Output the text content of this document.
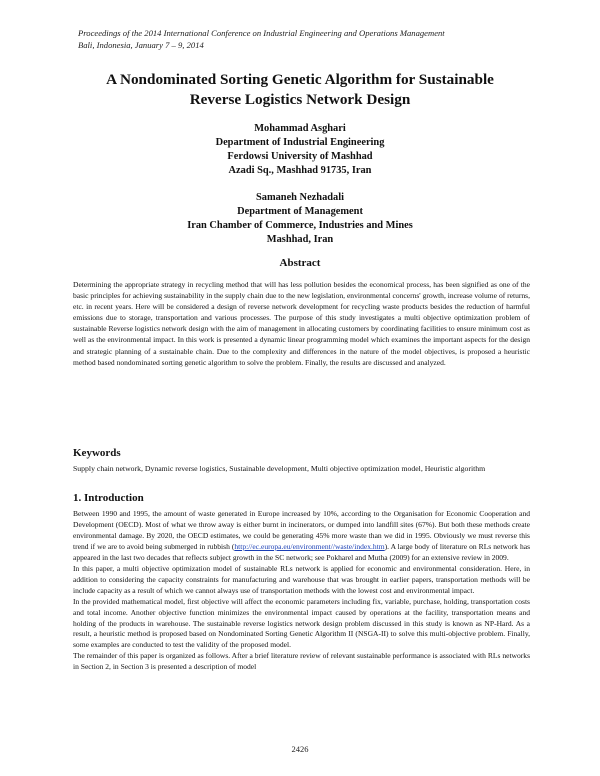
Proceedings of the 2014 International Conference on Industrial Engineering and Operations Management
Bali, Indonesia, January 7 – 9, 2014
A Nondominated Sorting Genetic Algorithm for Sustainable
Reverse Logistics Network Design
Mohammad Asghari
Department of Industrial Engineering
Ferdowsi University of Mashhad
Azadi Sq., Mashhad 91735, Iran
Samaneh Nezhadali
Department of Management
Iran Chamber of Commerce, Industries and Mines
Mashhad, Iran
Abstract
Determining the appropriate strategy in recycling method that will has less pollution besides the economical process, has been signified as one of the basic principles for achieving sustainability in the supply chain due to the new legislation, environmental concerns' growth, increase volume of returns, etc. in recent years. Here will be considered a design of reverse network development for recycling waste products besides the reduction of harmful emissions due to storage, transportation and various processes. The purpose of this study investigates a multi objective optimization problem of sustainable Reverse logistics network design with the aim of management in allocating customers by coordinating facilities to ensure minimum cost as well as the environmental impact. In this work is presented a dynamic linear programming model which examines the important aspects for the design and strategic planning of a sustainable chain. Due to the complexity and differences in the nature of the model objectives, is proposed a heuristic method based nondominated sorting genetic algorithm to solve the problem. Finally, the results are discussed and analyzed.
Keywords
Supply chain network, Dynamic reverse logistics, Sustainable development, Multi objective optimization model, Heuristic algorithm
1. Introduction

Between 1990 and 1995, the amount of waste generated in Europe increased by 10%, according to the Organisation for Economic Cooperation and Development (OECD). Most of what we throw away is either burnt in incinerators, or dumped into landfill sites (67%). But both these methods create environmental damage. By 2020, the OECD estimates, we could be generating 45% more waste than we did in 1995. Obviously we must reverse this trend if we are to avoid being submerged in rubbish (http://ec.europa.eu/environment//waste/index.htm). A large body of literature on RLs network has appeared in the last two decades that reflects subject growth in the SC network; see Pokharel and Mutha (2009) for an extensive review in 2009.

In this paper, a multi objective optimization model of sustainable RLs network is applied for economic and environmental consideration. Here, in addition to considering the capacity constraints for manufacturing and warehouse that was brought in earlier papers, transportation methods will be include capacity as a result of which we cannot always use of transportation methods with the lowest cost and environmental impact.

In the provided mathematical model, first objective will affect the economic parameters including fix, variable, purchase, holding, transportation costs and total income. Another objective function minimizes the environmental impact caused by operations at the facility, transportation means and holding of the products in warehouse. The sustainable reverse logistics network design problem discussed in this study is known as NP-Hard. As a result, a heuristic method is proposed based on Nondominated Sorting Genetic Algorithm II (NSGA-II) to solve this multi-objective problem. Finally, some examples are conducted to test the validity of the proposed model.

The remainder of this paper is organized as follows. After a brief literature review of relevant sustainable performance is associated with RLs networks in Section 2, in Section 3 is presented a description of model

2426
